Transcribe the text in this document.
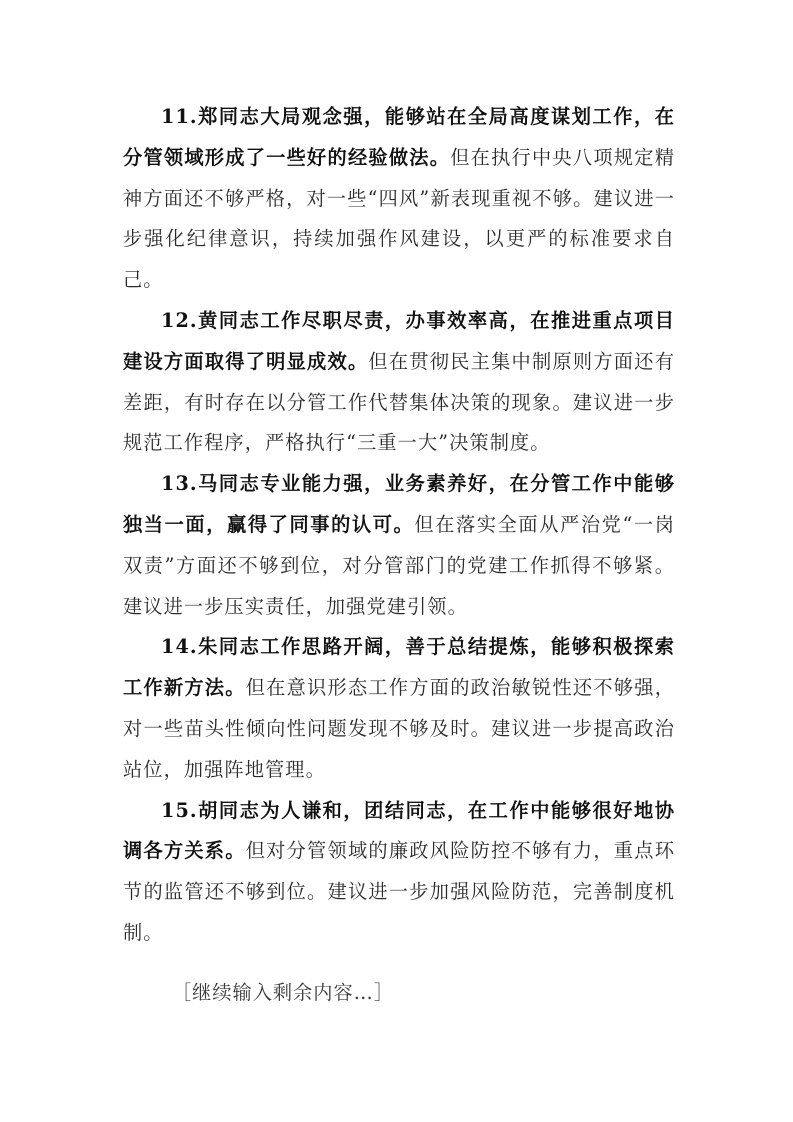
11.郑同志大局观念强，能够站在全局高度谋划工作，在分管领域形成了一些好的经验做法。但在执行中央八项规定精神方面还不够严格，对一些“四风”新表现重视不够。建议进一步强化纪律意识，持续加强作风建设，以更严的标准要求自己。

12.黄同志工作尽职尽责，办事效率高，在推进重点项目建设方面取得了明显成效。但在贯彻民主集中制原则方面还有差距，有时存在以分管工作代替集体决策的现象。建议进一步规范工作程序，严格执行“三重一大”决策制度。

13.马同志专业能力强，业务素养好，在分管工作中能够独当一面，赢得了同事的认可。但在落实全面从严治党“一岗双责”方面还不够到位，对分管部门的党建工作抓得不够紧。建议进一步压实责任，加强党建引领。

14.朱同志工作思路开阔，善于总结提炼，能够积极探索工作新方法。但在意识形态工作方面的政治敏锐性还不够强，对一些苗头性倾向性问题发现不够及时。建议进一步提高政治站位，加强阵地管理。

15.胡同志为人谦和，团结同志，在工作中能够很好地协调各方关系。但对分管领域的廉政风险防控不够有力，重点环节的监管还不够到位。建议进一步加强风险防范，完善制度机制。

［继续输入剩余内容…］
